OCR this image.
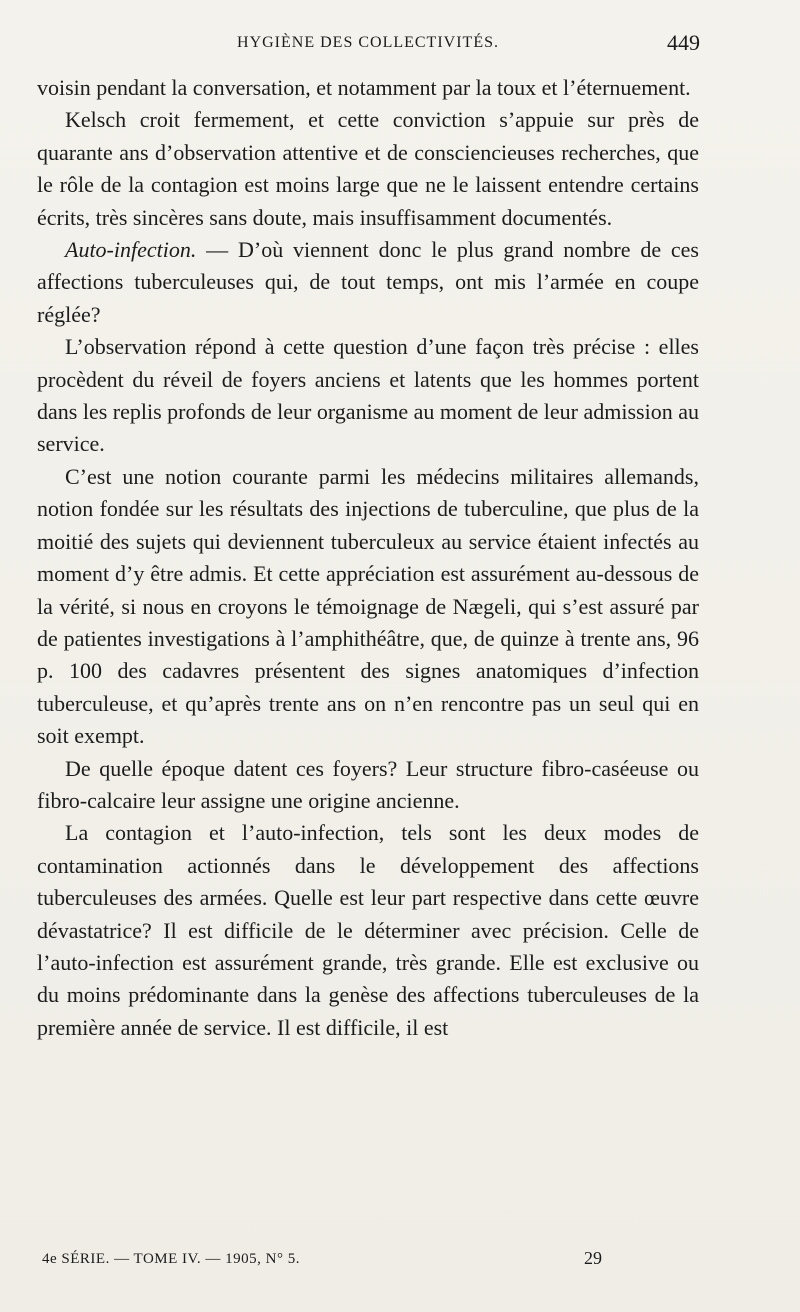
HYGIÈNE DES COLLECTIVITÉS.	449

voisin pendant la conversation, et notamment par la toux et l’éternuement.

Kelsch croit fermement, et cette conviction s’appuie sur près de quarante ans d’observation attentive et de consciencieuses recherches, que le rôle de la contagion est moins large que ne le laissent entendre certains écrits, très sincères sans doute, mais insuffisamment documentés.

Auto-infection. — D’où viennent donc le plus grand nombre de ces affections tuberculeuses qui, de tout temps, ont mis l’armée en coupe réglée?

L’observation répond à cette question d’une façon très précise : elles procèdent du réveil de foyers anciens et latents que les hommes portent dans les replis profonds de leur organisme au moment de leur admission au service.

C’est une notion courante parmi les médecins militaires allemands, notion fondée sur les résultats des injections de tuberculine, que plus de la moitié des sujets qui deviennent tuberculeux au service étaient infectés au moment d’y être admis. Et cette appréciation est assurément au-dessous de la vérité, si nous en croyons le témoignage de Nægeli, qui s’est assuré par de patientes investigations à l’amphithéâtre, que, de quinze à trente ans, 96 p. 100 des cadavres présentent des signes anatomiques d’infection tuberculeuse, et qu’après trente ans on n’en rencontre pas un seul qui en soit exempt.

De quelle époque datent ces foyers? Leur structure fibro-caséeuse ou fibro-calcaire leur assigne une origine ancienne.

La contagion et l’auto-infection, tels sont les deux modes de contamination actionnés dans le développement des affections tuberculeuses des armées. Quelle est leur part respective dans cette œuvre dévastatrice? Il est difficile de le déterminer avec précision. Celle de l’auto-infection est assurément grande, très grande. Elle est exclusive ou du moins prédominante dans la genèse des affections tuberculeuses de la première année de service. Il est difficile, il est

4e SÉRIE. — TOME IV. — 1905, N° 5.	29
